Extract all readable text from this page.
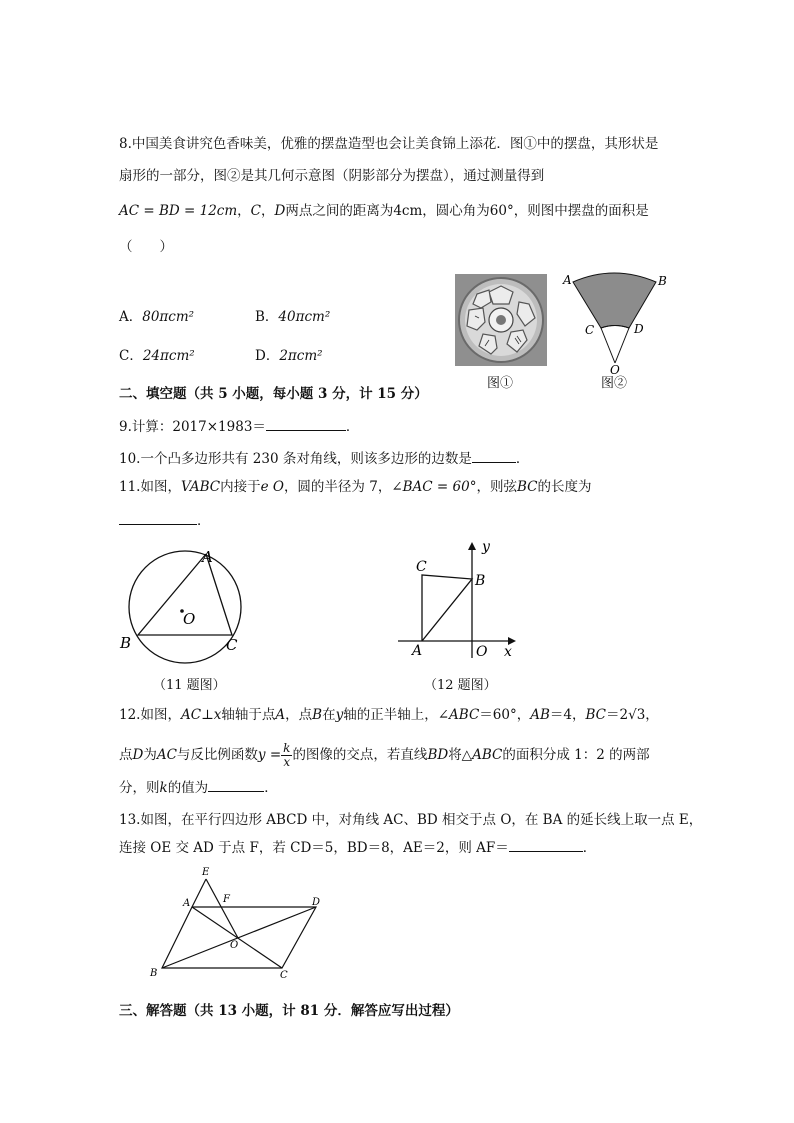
8.中国美食讲究色香味美，优雅的摆盘造型也会让美食锦上添花．图①中的摆盘，其形状是
扇形的一部分，图②是其几何示意图（阴影部分为摆盘），通过测量得到
AC = BD = 12cm，C，D两点之间的距离为4cm，圆心角为60°，则图中摆盘的面积是
（　　）
A．80πcm²	B．40πcm²
C．24πcm²	D．2πcm²
图①
A	B
C	D
O
图②
二、填空题（共 5 小题，每小题 3 分，计 15 分）
9.计算：2017×1983＝	．
10.一个凸多边形共有 230 条对角线，则该多边形的边数是	．
11.如图，VABC内接于e O，圆的半径为 7，∠BAC = 60°，则弦BC的长度为
．
A
B	C
O
（11 题图）
y
C
B
A	O x
（12 题图）
12.如图，AC⊥x轴轴于点A，点B在y轴的正半轴上，∠ABC＝60°，AB＝4，BC＝2√3，
点D为AC与反比例函数$y = \frac{k}{x}$ 的图像的交点，若直线BD将△ABC的面积分成 1：2 的两部
分，则k的值为	．
13.如图，在平行四边形 ABCD 中，对角线 AC、BD 相交于点 O，在 BA 的延长线上取一点 E，
连接 OE 交 AD 于点 F，若 CD＝5，BD＝8，AE＝2，则 AF＝	．
E
A	F	D
O
B	C
三、解答题（共 13 小题，计 81 分．解答应写出过程）
